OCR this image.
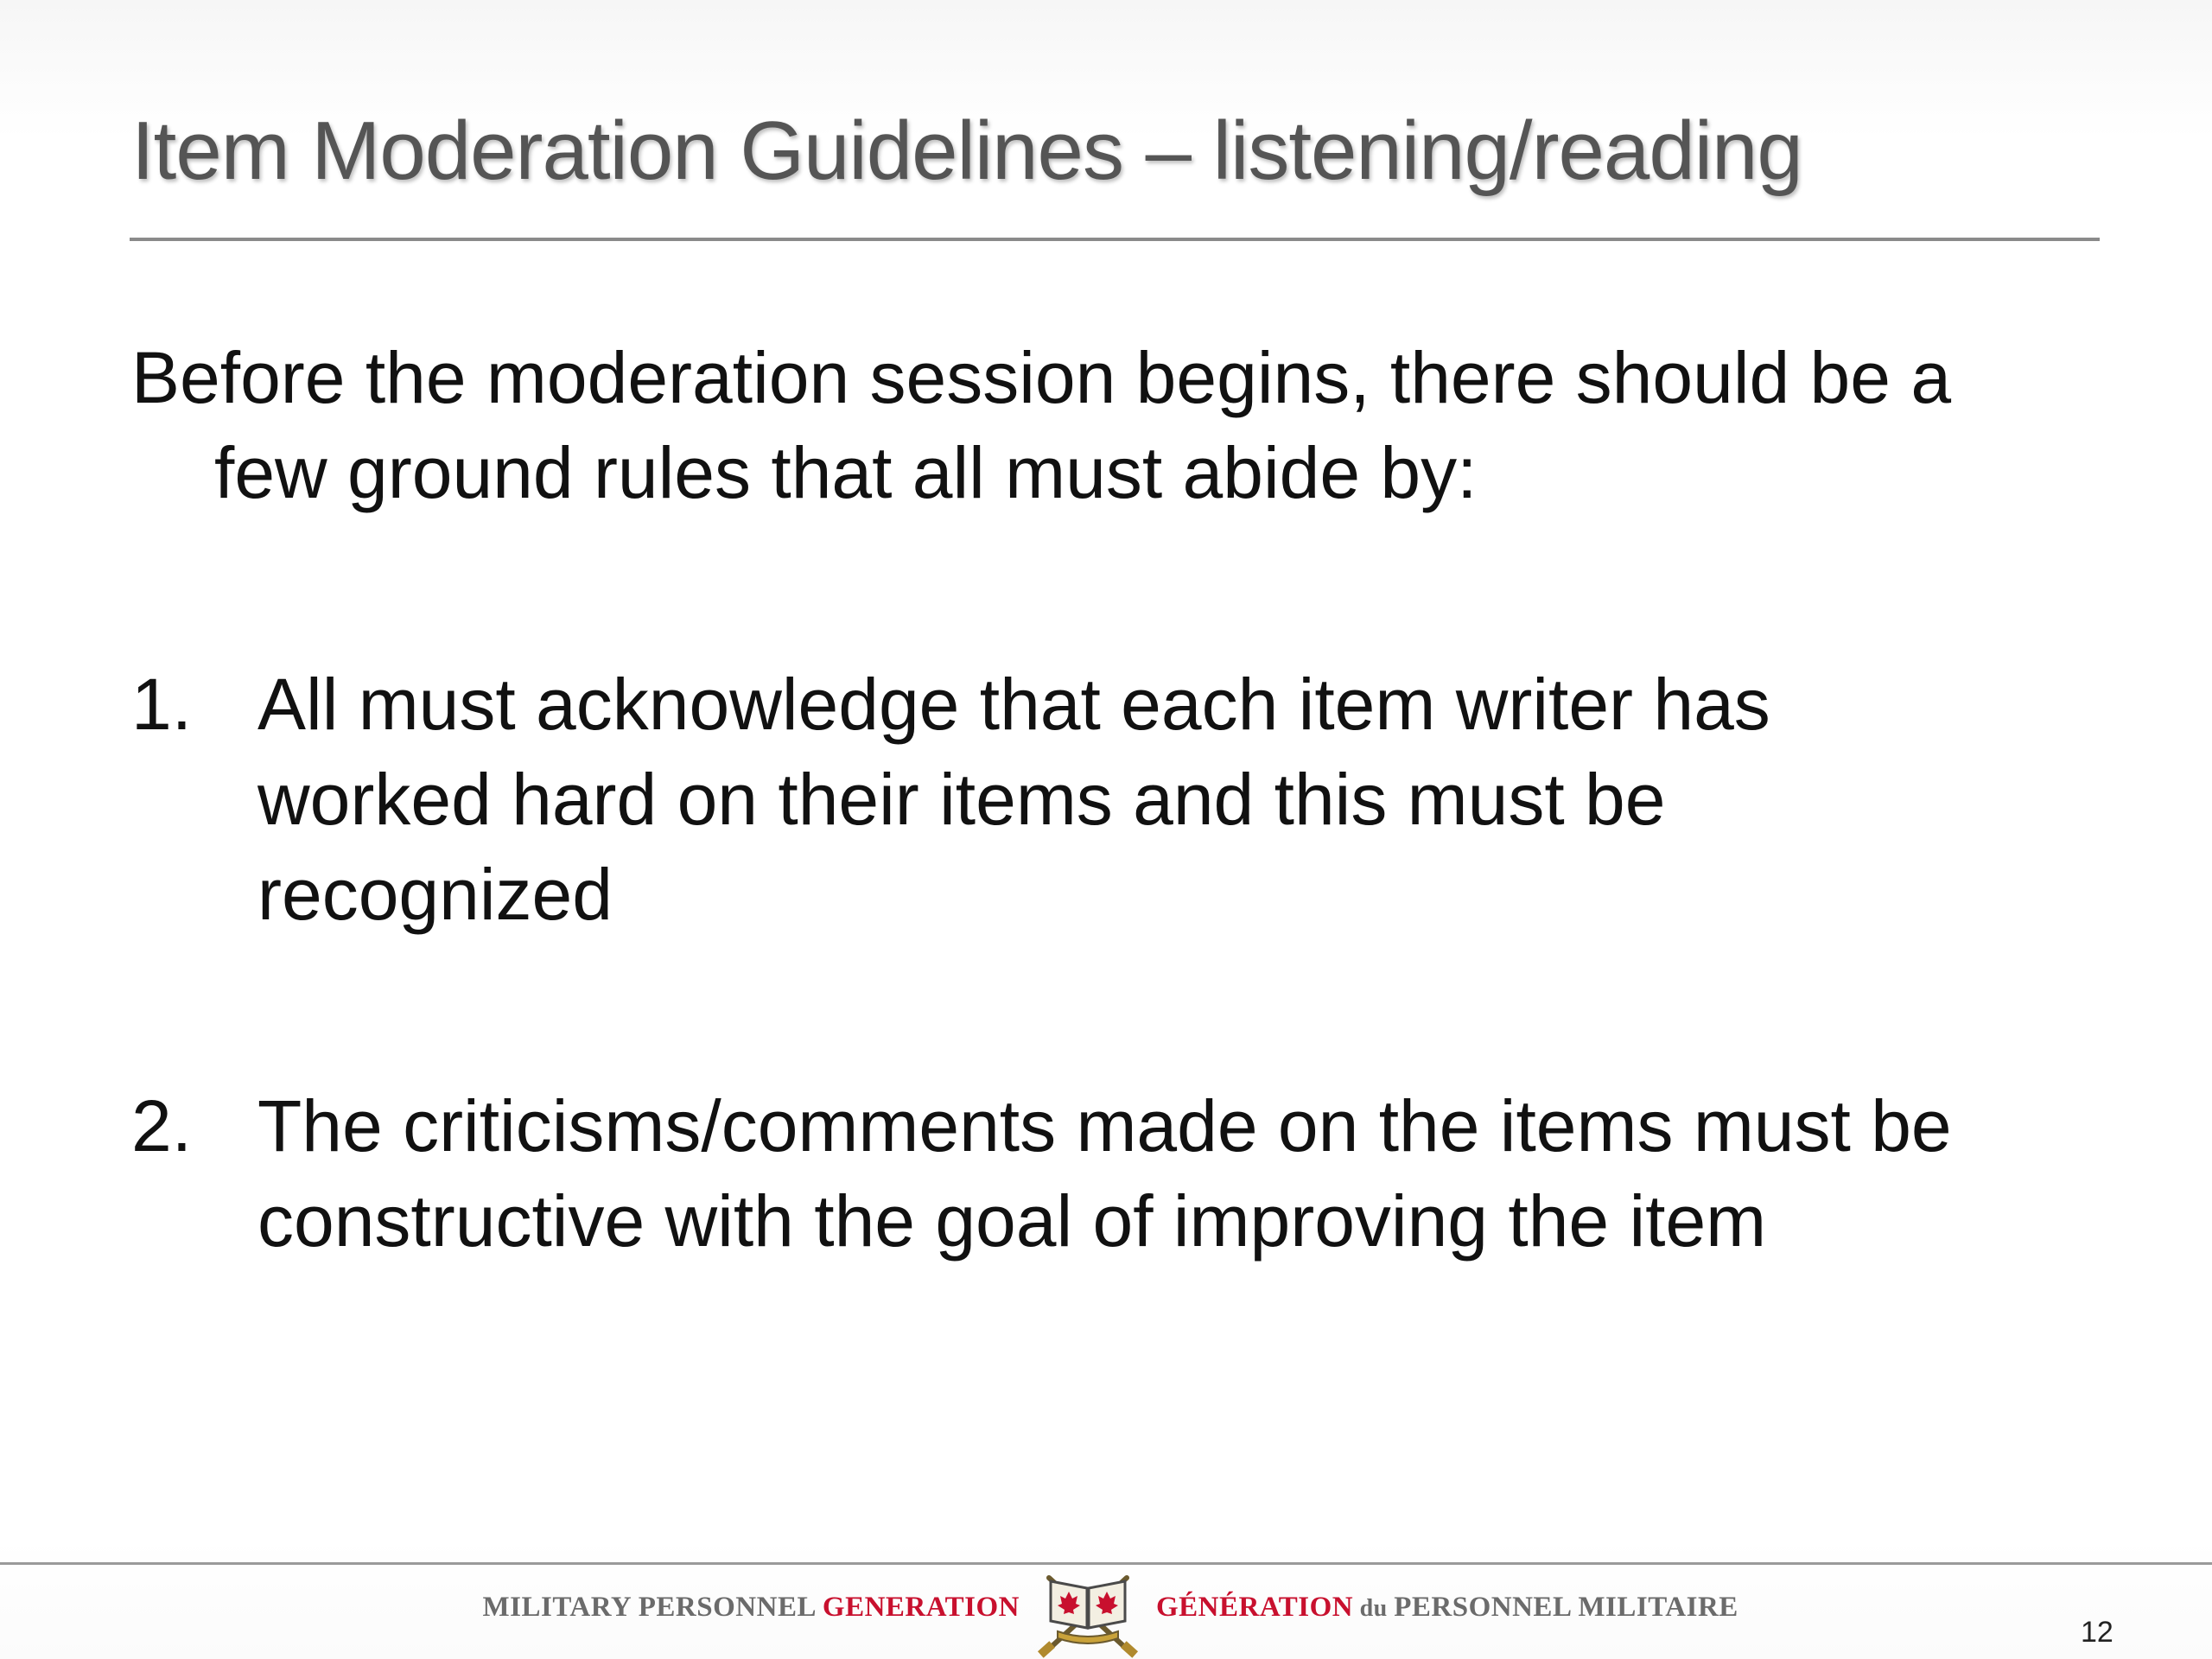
Item Moderation Guidelines – listening/reading

Before the moderation session begins, there should be a few ground rules that all must abide by:

1. All must acknowledge that each item writer has worked hard on their items and this must be recognized
2. The criticisms/comments made on the items must be constructive with the goal of improving the item
MILITARY PERSONNEL GENERATION	GÉNÉRATION du PERSONNEL MILITAIRE
12
